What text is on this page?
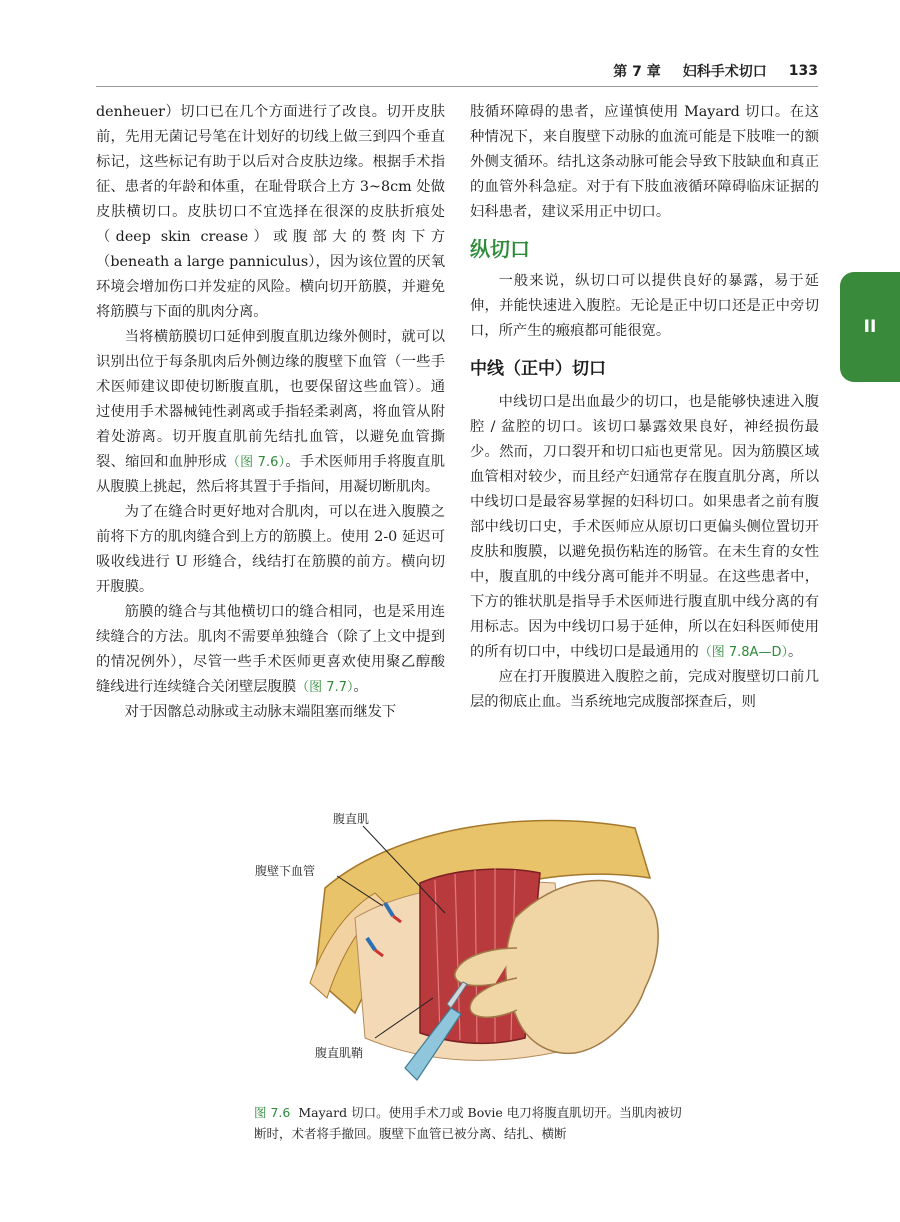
第 7 章 妇科手术切口 133
II

denheuer）切口已在几个方面进行了改良。切开皮肤前，先用无菌记号笔在计划好的切线上做三到四个垂直标记，这些标记有助于以后对合皮肤边缘。根据手术指征、患者的年龄和体重，在耻骨联合上方 3~8cm 处做皮肤横切口。皮肤切口不宜选择在很深的皮肤折痕处（deep skin crease）或腹部大的赘肉下方（beneath a large panniculus），因为该位置的厌氧环境会增加伤口并发症的风险。横向切开筋膜，并避免将筋膜与下面的肌肉分离。

当将横筋膜切口延伸到腹直肌边缘外侧时，就可以识别出位于每条肌肉后外侧边缘的腹壁下血管（一些手术医师建议即使切断腹直肌，也要保留这些血管）。通过使用手术器械钝性剥离或手指轻柔剥离，将血管从附着处游离。切开腹直肌前先结扎血管，以避免血管撕裂、缩回和血肿形成（图 7.6）。手术医师用手将腹直肌从腹膜上挑起，然后将其置于手指间，用凝切断肌肉。

为了在缝合时更好地对合肌肉，可以在进入腹膜之前将下方的肌肉缝合到上方的筋膜上。使用 2-0 延迟可吸收线进行 U 形缝合，线结打在筋膜的前方。横向切开腹膜。

筋膜的缝合与其他横切口的缝合相同，也是采用连续缝合的方法。肌肉不需要单独缝合（除了上文中提到的情况例外），尽管一些手术医师更喜欢使用聚乙醇酸缝线进行连续缝合关闭壁层腹膜（图 7.7）。

对于因髂总动脉或主动脉末端阻塞而继发下

肢循环障碍的患者，应谨慎使用 Mayard 切口。在这种情况下，来自腹壁下动脉的血流可能是下肢唯一的额外侧支循环。结扎这条动脉可能会导致下肢缺血和真正的血管外科急症。对于有下肢血液循环障碍临床证据的妇科患者，建议采用正中切口。

纵切口

一般来说，纵切口可以提供良好的暴露，易于延伸，并能快速进入腹腔。无论是正中切口还是正中旁切口，所产生的瘢痕都可能很宽。

中线（正中）切口

中线切口是出血最少的切口，也是能够快速进入腹腔 / 盆腔的切口。该切口暴露效果良好，神经损伤最少。然而，刀口裂开和切口疝也更常见。因为筋膜区域血管相对较少，而且经产妇通常存在腹直肌分离，所以中线切口是最容易掌握的妇科切口。如果患者之前有腹部中线切口史，手术医师应从原切口更偏头侧位置切开皮肤和腹膜，以避免损伤粘连的肠管。在未生育的女性中，腹直肌的中线分离可能并不明显。在这些患者中，下方的锥状肌是指导手术医师进行腹直肌中线分离的有用标志。因为中线切口易于延伸，所以在妇科医师使用的所有切口中，中线切口是最通用的（图 7.8A—D）。

应在打开腹膜进入腹腔之前，完成对腹壁切口前几层的彻底止血。当系统地完成腹部探查后，则

腹直肌
腹壁下血管
腹直肌鞘
图 7.6 Mayard 切口。使用手术刀或 Bovie 电刀将腹直肌切开。当肌肉被切断时，术者将手撤回。腹壁下血管已被分离、结扎、横断
